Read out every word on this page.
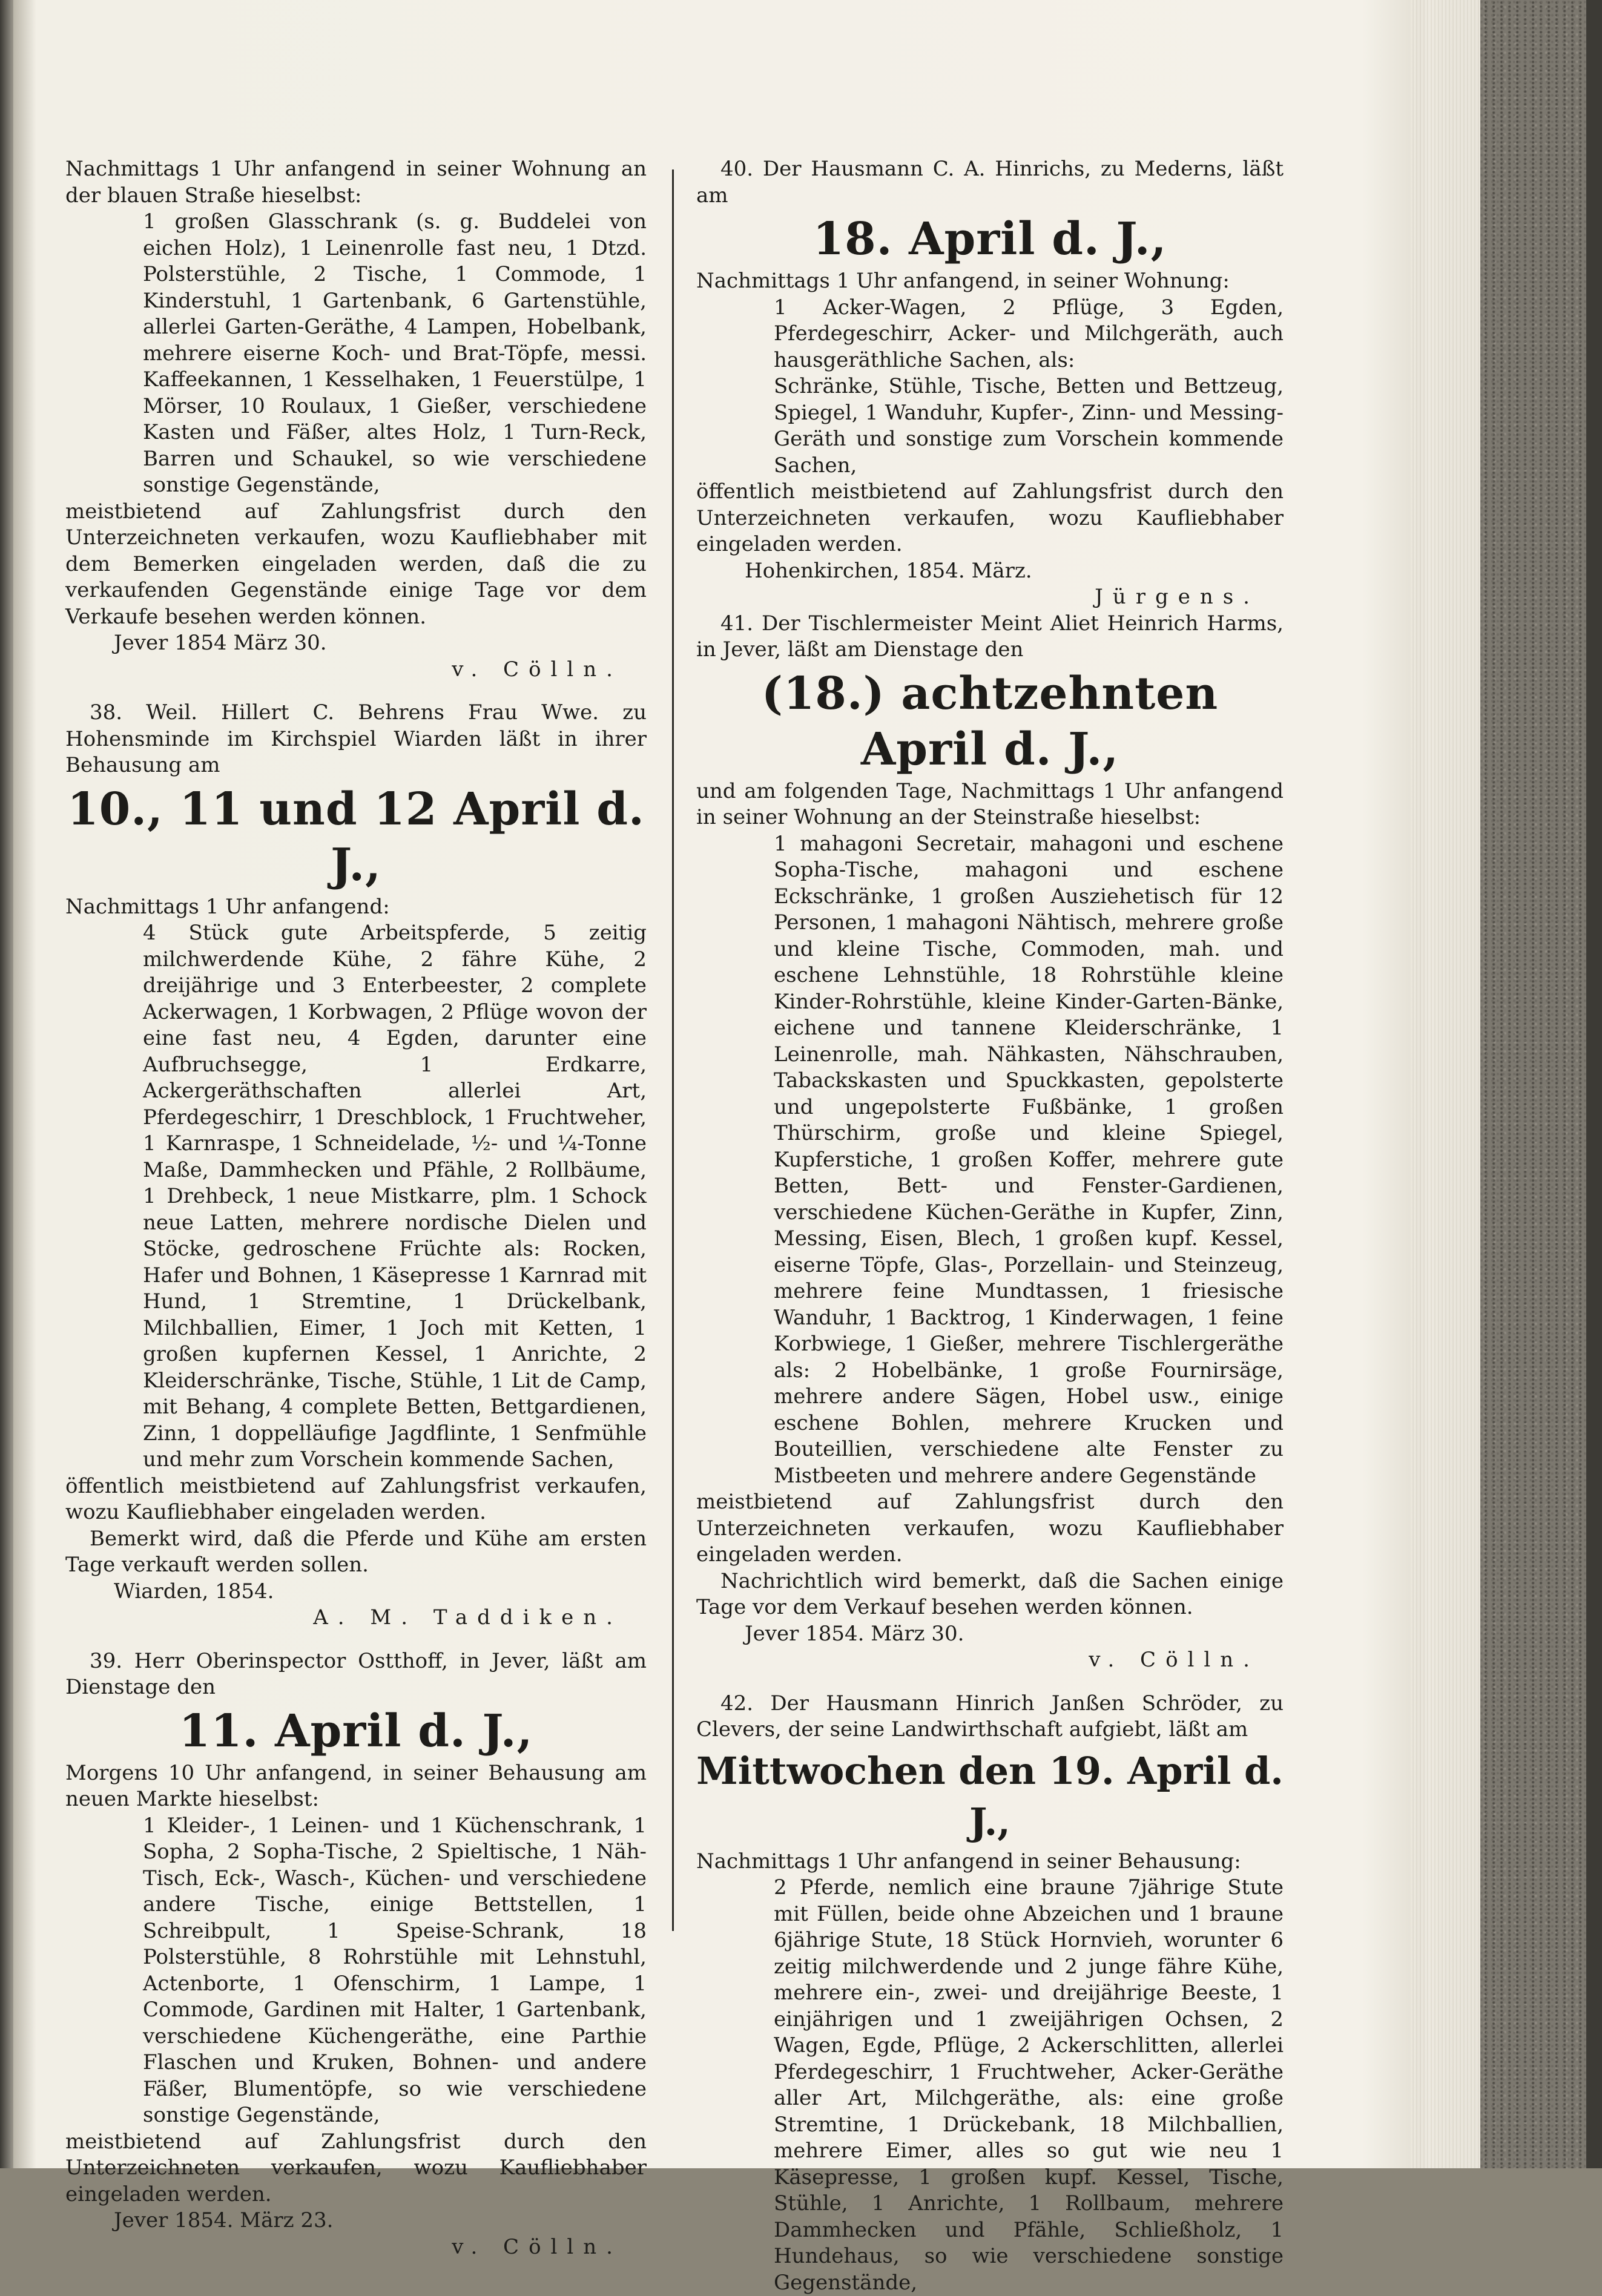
Nachmittags 1 Uhr anfangend in seiner Wohnung an der blauen Straße hieselbst:

1 großen Glasschrank (s. g. Buddelei von eichen Holz), 1 Leinenrolle fast neu, 1 Dtzd. Polsterstühle, 2 Tische, 1 Commode, 1 Kinderstuhl, 1 Gartenbank, 6 Gartenstühle, allerlei Garten-Geräthe, 4 Lampen, Hobelbank, mehrere eiserne Koch- und Brat-Töpfe, messi. Kaffeekannen, 1 Kesselhaken, 1 Feuerstülpe, 1 Mörser, 10 Roulaux, 1 Gießer, verschiedene Kasten und Fäßer, altes Holz, 1 Turn-Reck, Barren und Schaukel, so wie verschiedene sonstige Gegenstände,

meistbietend auf Zahlungsfrist durch den Unterzeichneten verkaufen, wozu Kaufliebhaber mit dem Bemerken eingeladen werden, daß die zu verkaufenden Gegenstände einige Tage vor dem Verkaufe besehen werden können.

Jever 1854 März 30.
v. Cölln.

38. Weil. Hillert C. Behrens Frau Wwe. zu Hohensminde im Kirchspiel Wiarden läßt in ihrer Behausung am

10., 11 und 12 April d. J.,
Nachmittags 1 Uhr anfangend:

4 Stück gute Arbeitspferde, 5 zeitig milchwerdende Kühe, 2 fähre Kühe, 2 dreijährige und 3 Enterbeester, 2 complete Ackerwagen, 1 Korbwagen, 2 Pflüge wovon der eine fast neu, 4 Egden, darunter eine Aufbruchsegge, 1 Erdkarre, Ackergeräthschaften allerlei Art, Pferdegeschirr, 1 Dreschblock, 1 Fruchtweher, 1 Karnraspe, 1 Schneidelade, ½- und ¼-Tonne Maße, Dammhecken und Pfähle, 2 Rollbäume, 1 Drehbeck, 1 neue Mistkarre, plm. 1 Schock neue Latten, mehrere nordische Dielen und Stöcke, gedroschene Früchte als: Rocken, Hafer und Bohnen, 1 Käsepresse 1 Karnrad mit Hund, 1 Stremtine, 1 Drückelbank, Milchballien, Eimer, 1 Joch mit Ketten, 1 großen kupfernen Kessel, 1 Anrichte, 2 Kleiderschränke, Tische, Stühle, 1 Lit de Camp, mit Behang, 4 complete Betten, Bettgardienen, Zinn, 1 doppelläufige Jagdflinte, 1 Senfmühle und mehr zum Vorschein kommende Sachen,

öffentlich meistbietend auf Zahlungsfrist verkaufen, wozu Kaufliebhaber eingeladen werden.

Bemerkt wird, daß die Pferde und Kühe am ersten Tage verkauft werden sollen.

Wiarden, 1854.
A. M. Taddiken.

39. Herr Oberinspector Ostthoff, in Jever, läßt am Dienstage den

11. April d. J.,

Morgens 10 Uhr anfangend, in seiner Behausung am neuen Markte hieselbst:

1 Kleider-, 1 Leinen- und 1 Küchenschrank, 1 Sopha, 2 Sopha-Tische, 2 Spieltische, 1 Näh-Tisch, Eck-, Wasch-, Küchen- und verschiedene andere Tische, einige Bettstellen, 1 Schreibpult, 1 Speise-Schrank, 18 Polsterstühle, 8 Rohrstühle mit Lehnstuhl, Actenborte, 1 Ofenschirm, 1 Lampe, 1 Commode, Gardinen mit Halter, 1 Gartenbank, verschiedene Küchengeräthe, eine Parthie Flaschen und Kruken, Bohnen- und andere Fäßer, Blumentöpfe, so wie verschiedene sonstige Gegenstände,

meistbietend auf Zahlungsfrist durch den Unterzeichneten verkaufen, wozu Kaufliebhaber eingeladen werden.

Jever 1854. März 23.
v. Cölln.

40. Der Hausmann C. A. Hinrichs, zu Mederns, läßt am

18. April d. J.,
Nachmittags 1 Uhr anfangend, in seiner Wohnung:

1 Acker-Wagen, 2 Pflüge, 3 Egden, Pferdegeschirr, Acker- und Milchgeräth, auch hausgeräthliche Sachen, als:

Schränke, Stühle, Tische, Betten und Bettzeug, Spiegel, 1 Wanduhr, Kupfer-, Zinn- und Messing-Geräth und sonstige zum Vorschein kommende Sachen,

öffentlich meistbietend auf Zahlungsfrist durch den Unterzeichneten verkaufen, wozu Kaufliebhaber eingeladen werden.

Hohenkirchen, 1854. März.
Jürgens.

41. Der Tischlermeister Meint Aliet Heinrich Harms, in Jever, läßt am Dienstage den

(18.) achtzehnten April d. J.,

und am folgenden Tage, Nachmittags 1 Uhr anfangend in seiner Wohnung an der Steinstraße hieselbst:

1 mahagoni Secretair, mahagoni und eschene Sopha-Tische, mahagoni und eschene Eckschränke, 1 großen Ausziehetisch für 12 Personen, 1 mahagoni Nähtisch, mehrere große und kleine Tische, Commoden, mah. und eschene Lehnstühle, 18 Rohrstühle kleine Kinder-Rohrstühle, kleine Kinder-Garten-Bänke, eichene und tannene Kleiderschränke, 1 Leinenrolle, mah. Nähkasten, Nähschrauben, Tabackskasten und Spuckkasten, gepolsterte und ungepolsterte Fußbänke, 1 großen Thürschirm, große und kleine Spiegel, Kupferstiche, 1 großen Koffer, mehrere gute Betten, Bett- und Fenster-Gardienen, verschiedene Küchen-Geräthe in Kupfer, Zinn, Messing, Eisen, Blech, 1 großen kupf. Kessel, eiserne Töpfe, Glas-, Porzellain- und Steinzeug, mehrere feine Mundtassen, 1 friesische Wanduhr, 1 Backtrog, 1 Kinderwagen, 1 feine Korbwiege, 1 Gießer, mehrere Tischlergeräthe als: 2 Hobelbänke, 1 große Fournirsäge, mehrere andere Sägen, Hobel usw., einige eschene Bohlen, mehrere Krucken und Bouteillien, verschiedene alte Fenster zu Mistbeeten und mehrere andere Gegenstände

meistbietend auf Zahlungsfrist durch den Unterzeichneten verkaufen, wozu Kaufliebhaber eingeladen werden.

Nachrichtlich wird bemerkt, daß die Sachen einige Tage vor dem Verkauf besehen werden können.

Jever 1854. März 30.
v. Cölln.

42. Der Hausmann Hinrich Janßen Schröder, zu Clevers, der seine Landwirthschaft aufgiebt, läßt am

Mittwochen den 19. April d. J.,
Nachmittags 1 Uhr anfangend in seiner Behausung:

2 Pferde, nemlich eine braune 7jährige Stute mit Füllen, beide ohne Abzeichen und 1 braune 6jährige Stute, 18 Stück Hornvieh, worunter 6 zeitig milchwerdende und 2 junge fähre Kühe, mehrere ein-, zwei- und dreijährige Beeste, 1 einjährigen und 1 zweijährigen Ochsen, 2 Wagen, Egde, Pflüge, 2 Ackerschlitten, allerlei Pferdegeschirr, 1 Fruchtweher, Acker-Geräthe aller Art, Milchgeräthe, als: eine große Stremtine, 1 Drückebank, 18 Milchballien, mehrere Eimer, alles so gut wie neu 1 Käsepresse, 1 großen kupf. Kessel, Tische, Stühle, 1 Anrichte, 1 Rollbaum, mehrere Dammhecken und Pfähle, Schließholz, 1 Hundehaus, so wie verschiedene sonstige Gegenstände,
